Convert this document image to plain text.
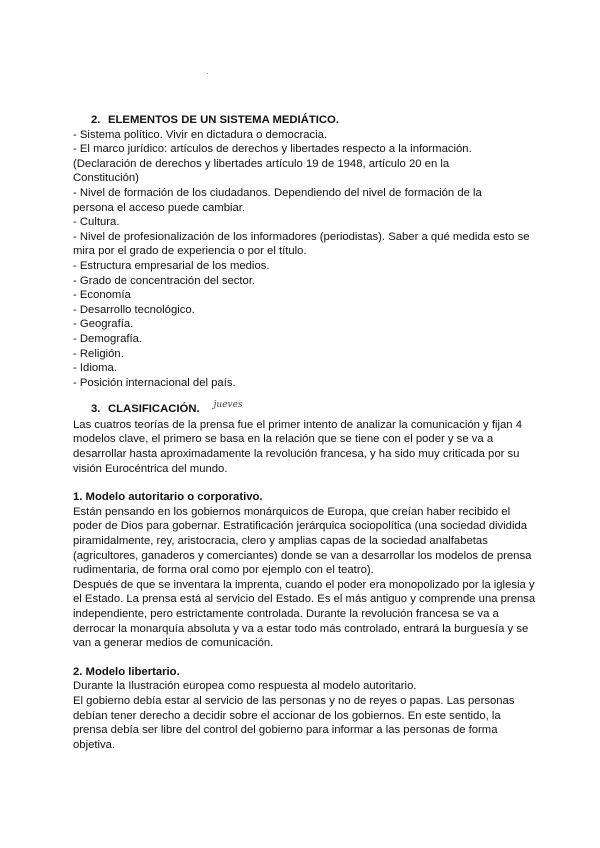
.
2. ELEMENTOS DE UN SISTEMA MEDIÁTICO.
- Sistema político. Vivir en dictadura o democracia.
- El marco jurídico: artículos de derechos y libertades respecto a la información.
(Declaración de derechos y libertades artículo 19 de 1948, artículo 20 en la
Constitución)
- Nivel de formación de los ciudadanos. Dependiendo del nivel de formación de la
persona el acceso puede cambiar.
- Cultura.
- Nivel de profesionalización de los informadores (periodistas). Saber a qué medida esto se
mira por el grado de experiencia o por el título.
- Estructura empresarial de los medios.
- Grado de concentración del sector.
- Economía
- Desarrollo tecnológico.
- Geografía.
- Demografía.
- Religión.
- Idioma.
- Posición internacional del país.
3. CLASIFICACIÓN. jueves
Las cuatros teorías de la prensa fue el primer intento de analizar la comunicación y fijan 4
modelos clave, el primero se basa en la relación que se tiene con el poder y se va a
desarrollar hasta aproximadamente la revolución francesa, y ha sido muy criticada por su
visión Eurocéntrica del mundo.
1. Modelo autoritario o corporativo.
Están pensando en los gobiernos monárquicos de Europa, que creían haber recibido el
poder de Dios para gobernar. Estratificación jerárquica sociopolítica (una sociedad dividida
piramidalmente, rey, aristocracia, clero y amplias capas de la sociedad analfabetas
(agricultores, ganaderos y comerciantes) donde se van a desarrollar los modelos de prensa
rudimentaria, de forma oral como por ejemplo con el teatro).
Después de que se inventara la imprenta, cuando el poder era monopolizado por la iglesia y
el Estado. La prensa está al servicio del Estado. Es el más antiguo y comprende una prensa
independiente, pero estrictamente controlada. Durante la revolución francesa se va a
derrocar la monarquía absoluta y va a estar todo más controlado, entrará la burguesía y se
van a generar medios de comunicación.
2. Modelo libertario.
Durante la Ilustración europea como respuesta al modelo autoritario.
El gobierno debía estar al servicio de las personas y no de reyes o papas. Las personas
debían tener derecho a decidir sobre el accionar de los gobiernos. En este sentido, la
prensa debía ser libre del control del gobierno para informar a las personas de forma
objetiva.
